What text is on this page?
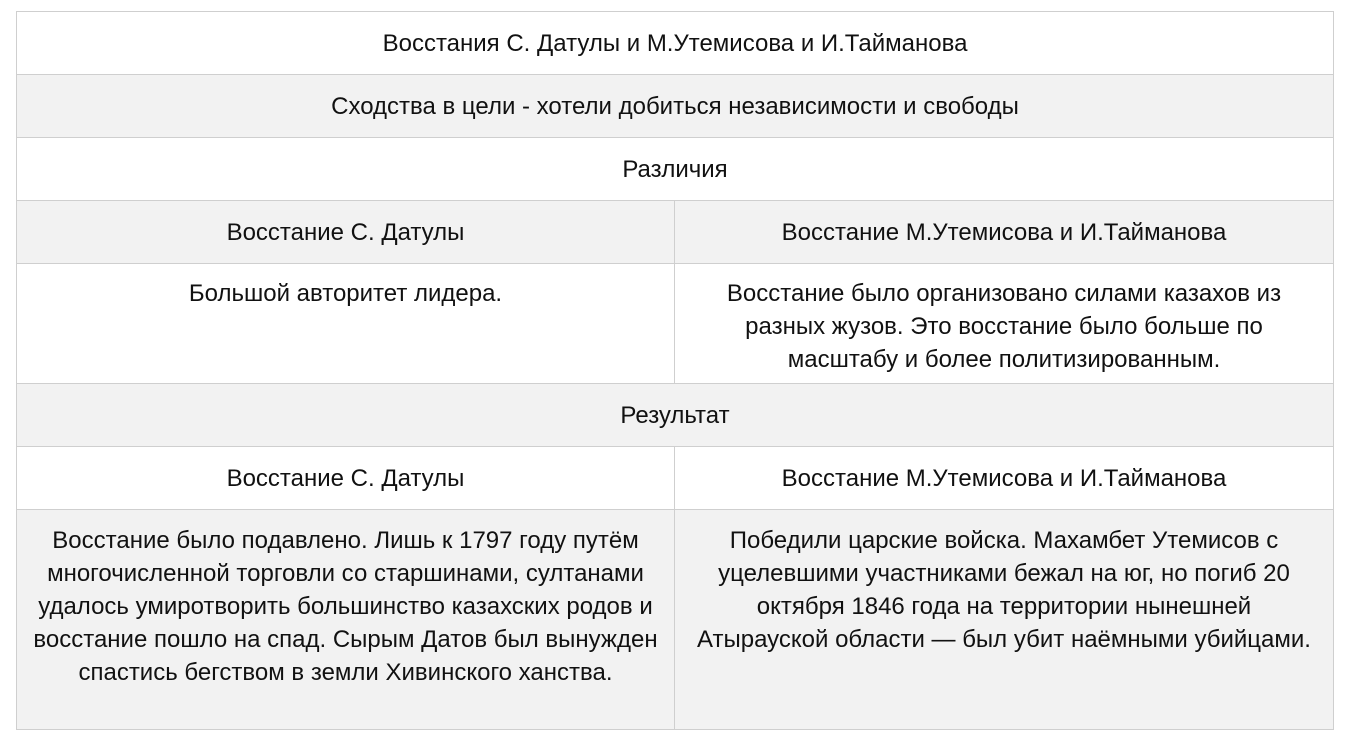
Восстания С. Датулы и М.Утемисова и И.Тайманова	
Сходства в цели - хотели добиться независимости и свободы	
Различия	
Восстание С. Датулы	Восстание М.Утемисова и И.Тайманова

Большой авторитет лидера.	Восстание было организовано силами казахов из разных жузов. Это восстание было больше по масштабу и более политизированным.

Результат	
Восстание С. Датулы	Восстание М.Утемисова и И.Тайманова

Восстание было подавлено. Лишь к 1797 году путём многочисленной торговли со старшинами, султанами удалось умиротворить большинство казахских родов и восстание пошло на спад. Сырым Датов был вынужден спастись бегством в земли Хивинского ханства.	Победили царские войска. Махамбет Утемисов с уцелевшими участниками бежал на юг, но погиб 20 октября 1846 года на территории нынешней Атырауской области — был убит наёмными убийцами.
